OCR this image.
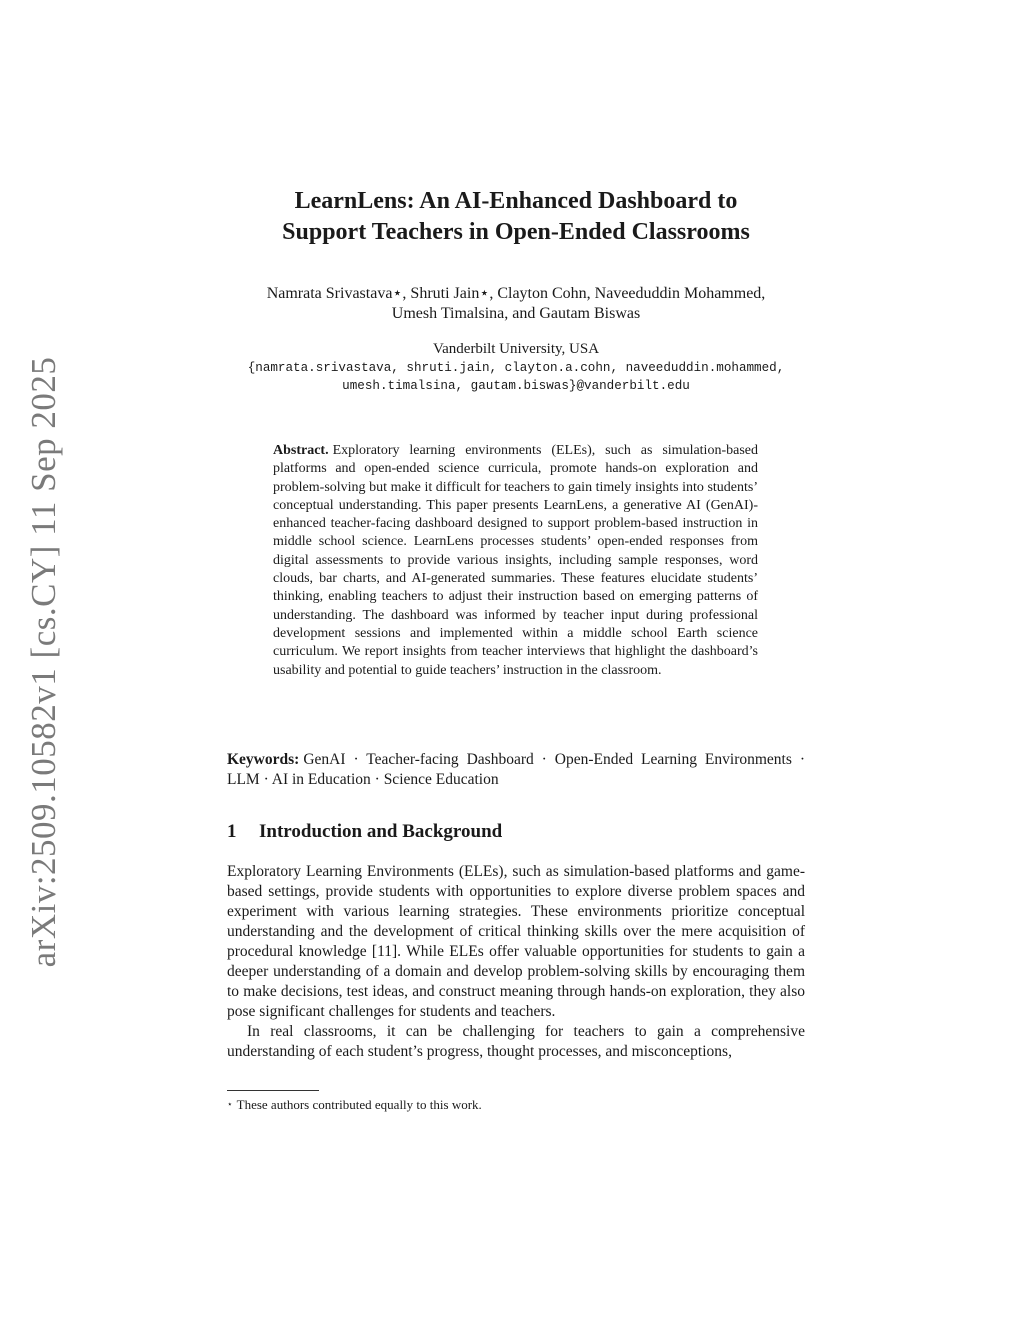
arXiv:2509.10582v1 [cs.CY] 11 Sep 2025
LearnLens: An AI-Enhanced Dashboard to
Support Teachers in Open-Ended Classrooms
Namrata Srivastava⋆, Shruti Jain⋆, Clayton Cohn, Naveeduddin Mohammed,
Umesh Timalsina, and Gautam Biswas
Vanderbilt University, USA
{namrata.srivastava, shruti.jain, clayton.a.cohn, naveeduddin.mohammed,
umesh.timalsina, gautam.biswas}@vanderbilt.edu

Abstract. Exploratory learning environments (ELEs), such as simulation-based platforms and open-ended science curricula, promote hands-on exploration and problem-solving but make it difficult for teachers to gain timely insights into students’ conceptual understanding. This paper presents LearnLens, a generative AI (GenAI)-enhanced teacher-facing dashboard designed to support problem-based instruction in middle school science. LearnLens processes students’ open-ended responses from digital assessments to provide various insights, including sample responses, word clouds, bar charts, and AI-generated summaries. These features elucidate students’ thinking, enabling teachers to adjust their instruction based on emerging patterns of understanding. The dashboard was informed by teacher input during professional development sessions and implemented within a middle school Earth science curriculum. We report insights from teacher interviews that highlight the dashboard’s usability and potential to guide teachers’ instruction in the classroom.

Keywords: GenAI · Teacher-facing Dashboard · Open-Ended Learning Environments · LLM · AI in Education · Science Education

1 Introduction and Background

Exploratory Learning Environments (ELEs), such as simulation-based platforms and game-based settings, provide students with opportunities to explore diverse problem spaces and experiment with various learning strategies. These environments prioritize conceptual understanding and the development of critical thinking skills over the mere acquisition of procedural knowledge [11]. While ELEs offer valuable opportunities for students to gain a deeper understanding of a domain and develop problem-solving skills by encouraging them to make decisions, test ideas, and construct meaning through hands-on exploration, they also pose significant challenges for students and teachers.

In real classrooms, it can be challenging for teachers to gain a comprehensive understanding of each student’s progress, thought processes, and misconceptions,

⋆ These authors contributed equally to this work.
